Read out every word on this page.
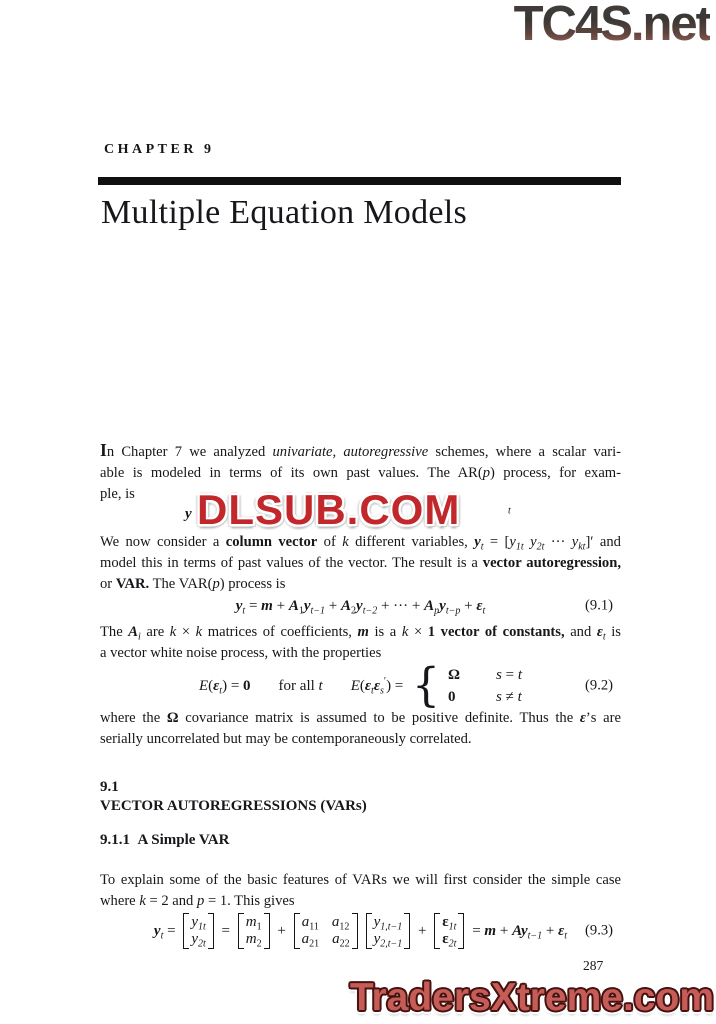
TC4S.net
CHAPTER 9
Multiple Equation Models
In Chapter 7 we analyzed univariate, autoregressive schemes, where a scalar vari-
able is modeled in terms of its own past values. The AR(p) process, for exam-
ple, is
y	t
DLSUB.COM
We now consider a column vector of k different variables, $y_t = [y_{1t}$ $y_{2t}$ ··· $y_{kt}]'$ and
model this in terms of past values of the vector. The result is a vector autoregression,
or VAR. The VAR(p) process is
$y_t = m + A_1y_{t-1} + A_2y_{t-2}$ + ··· + $A_py_{t-p} + \varepsilon_t$	(9.1)
The $A_i$ are k × k matrices of coefficients, m is a k × 1 vector of constants, and $\varepsilon_t$ is
a vector white noise process, with the properties
$E(\varepsilon_t) = 0$ for all t $E(\varepsilon_t\varepsilon_s')$ = { Ω	s = t
0	s ≠ t
(9.2)
where the Ω covariance matrix is assumed to be positive definite. Thus the ε’s are
serially uncorrelated but may be contemporaneously correlated.
9.1
VECTOR AUTOREGRESSIONS (VARs)
9.1.1  A Simple VAR
To explain some of the basic features of VARs we will first consider the simple case
where k = 2 and p = 1. This gives
$y_t$ =
$y_{1t}$
$y_{2t}$
=
$m_1$
$m_2$
+
$a_{11}$ $a_{12}$
$a_{21}$ $a_{22}$
$y_{1,t-1}$
$y_{2,t-1}$
+
$\varepsilon_{1t}$
$\varepsilon_{2t}$
= $m + Ay_{t-1} + \varepsilon_t$ (9.3)
287
TradersXtreme.com
